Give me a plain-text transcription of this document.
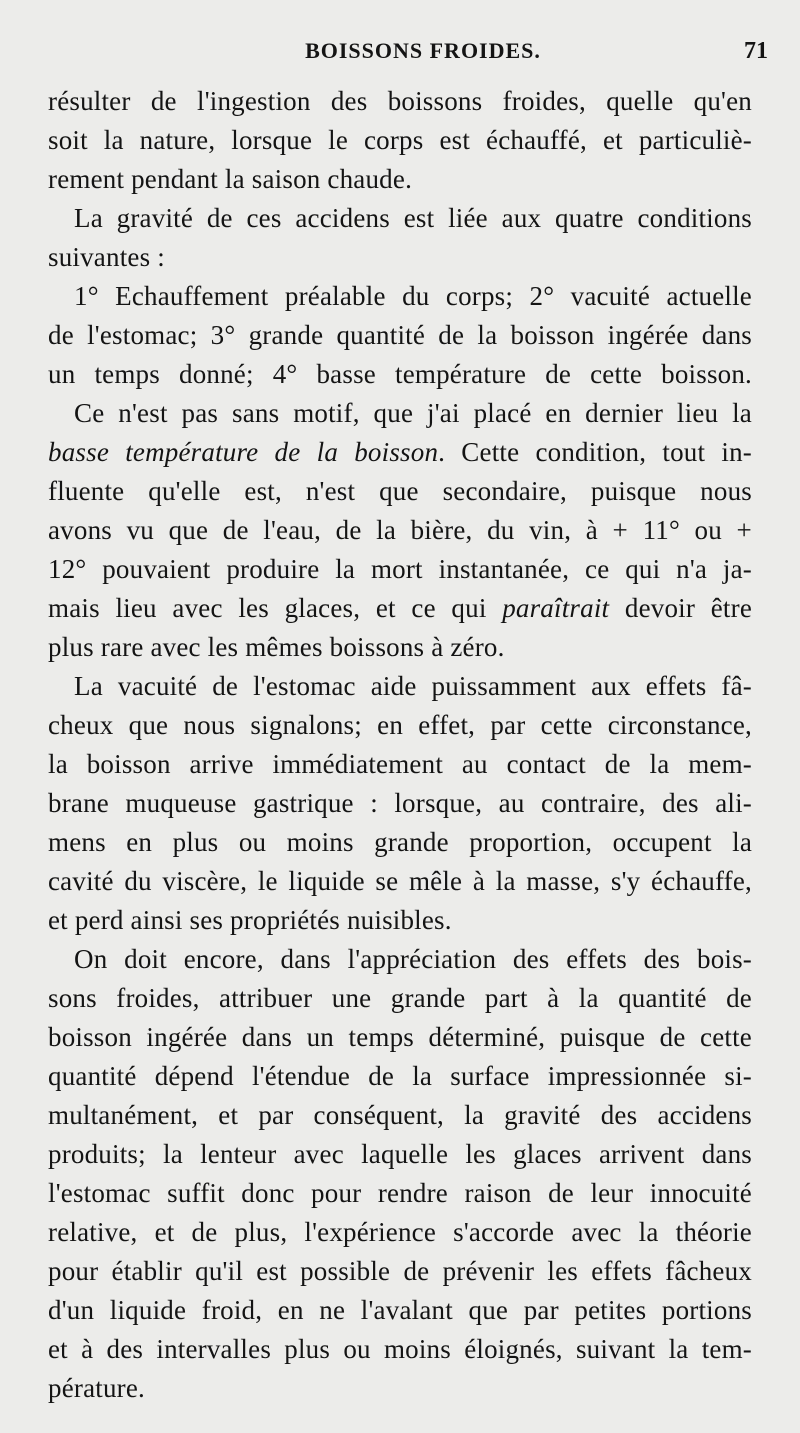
BOISSONS FROIDES.	71
résulter de l'ingestion des boissons froides, quelle qu'en
soit la nature, lorsque le corps est échauffé, et particuliè-
rement pendant la saison chaude.
La gravité de ces accidens est liée aux quatre conditions
suivantes :
1° Echauffement préalable du corps; 2° vacuité actuelle
de l'estomac; 3° grande quantité de la boisson ingérée dans
un temps donné; 4° basse température de cette boisson.
Ce n'est pas sans motif, que j'ai placé en dernier lieu la
basse température de la boisson. Cette condition, tout in-
fluente qu'elle est, n'est que secondaire, puisque nous
avons vu que de l'eau, de la bière, du vin, à + 11° ou +
12° pouvaient produire la mort instantanée, ce qui n'a ja-
mais lieu avec les glaces, et ce qui paraîtrait devoir être
plus rare avec les mêmes boissons à zéro.
La vacuité de l'estomac aide puissamment aux effets fâ-
cheux que nous signalons; en effet, par cette circonstance,
la boisson arrive immédiatement au contact de la mem-
brane muqueuse gastrique : lorsque, au contraire, des ali-
mens en plus ou moins grande proportion, occupent la
cavité du viscère, le liquide se mêle à la masse, s'y échauffe,
et perd ainsi ses propriétés nuisibles.
On doit encore, dans l'appréciation des effets des bois-
sons froides, attribuer une grande part à la quantité de
boisson ingérée dans un temps déterminé, puisque de cette
quantité dépend l'étendue de la surface impressionnée si-
multanément, et par conséquent, la gravité des accidens
produits; la lenteur avec laquelle les glaces arrivent dans
l'estomac suffit donc pour rendre raison de leur innocuité
relative, et de plus, l'expérience s'accorde avec la théorie
pour établir qu'il est possible de prévenir les effets fâcheux
d'un liquide froid, en ne l'avalant que par petites portions
et à des intervalles plus ou moins éloignés, suivant la tem-
pérature.
